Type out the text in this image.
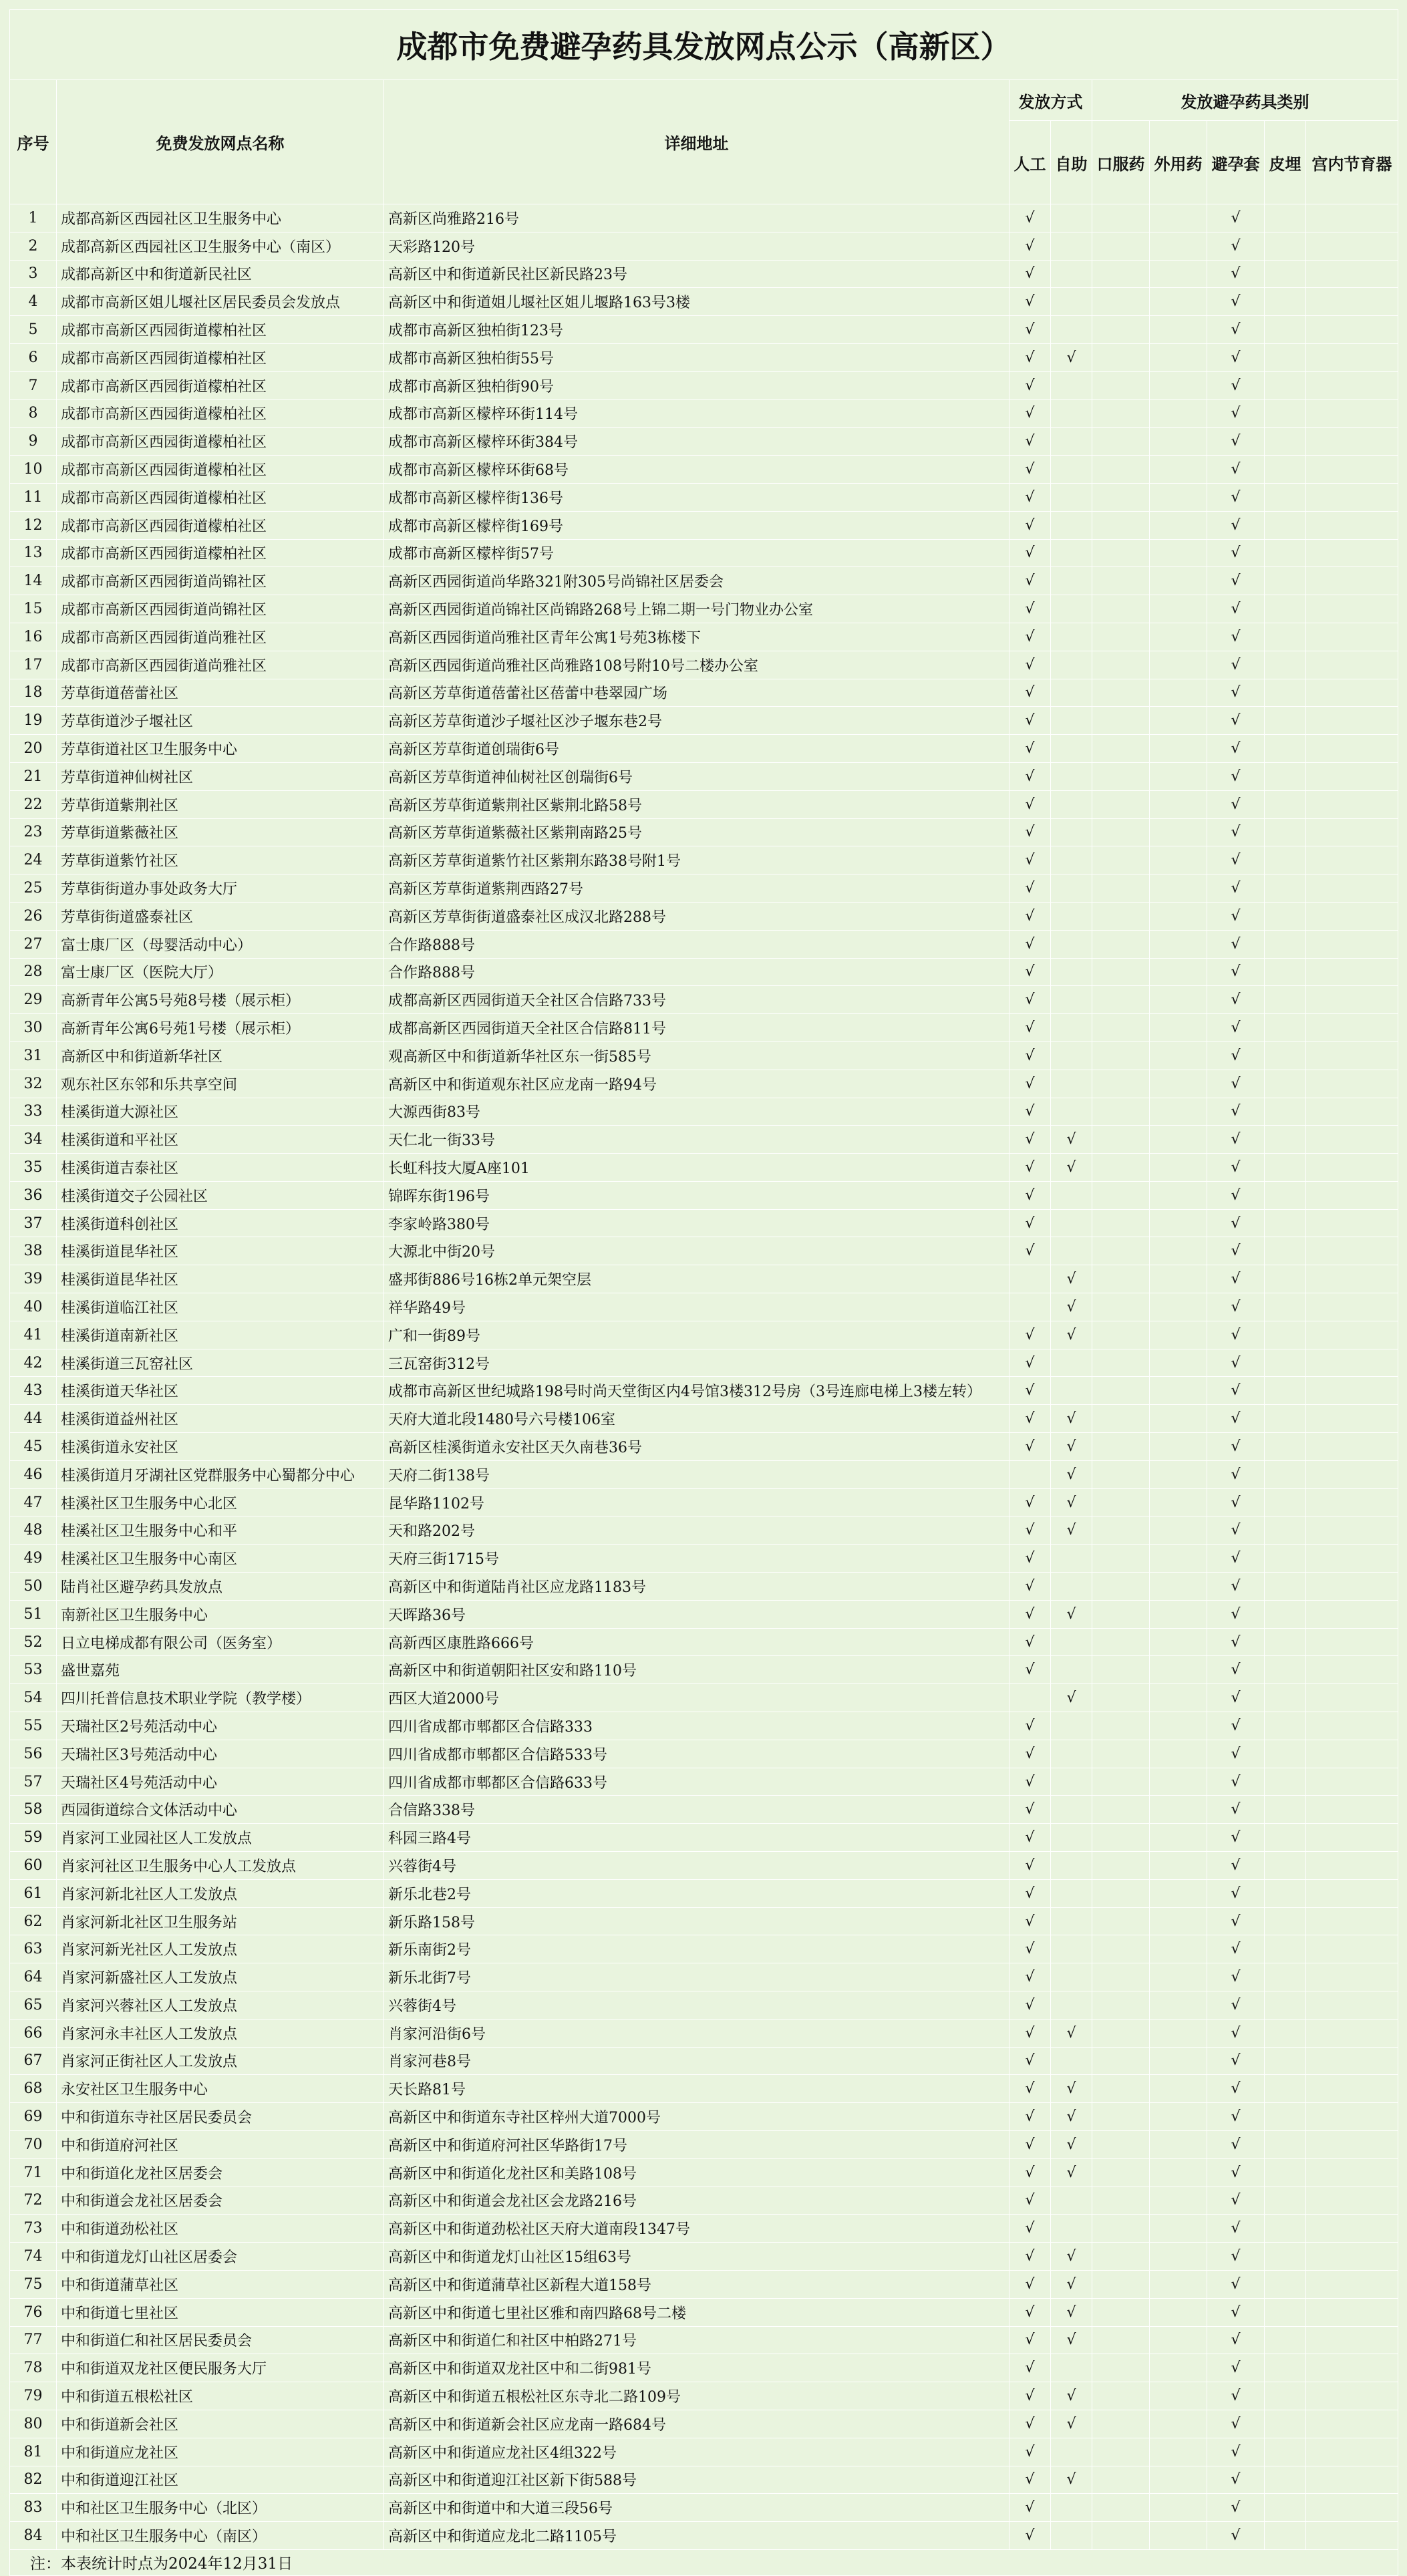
成都市免费避孕药具发放网点公示（高新区）									
序号	免费发放网点名称	详细地址	发放方式		发放避孕药具类别				
			人工	自助	口服药	外用药	避孕套	皮埋	宫内节育器
1	成都高新区西园社区卫生服务中心	高新区尚雅路216号	√				√		
2	成都高新区西园社区卫生服务中心（南区）	天彩路120号	√				√		
3	成都高新区中和街道新民社区	高新区中和街道新民社区新民路23号	√				√		
4	成都市高新区姐儿堰社区居民委员会发放点	高新区中和街道姐儿堰社区姐儿堰路163号3楼	√				√		
5	成都市高新区西园街道檬柏社区	成都市高新区独柏街123号	√				√		
6	成都市高新区西园街道檬柏社区	成都市高新区独柏街55号	√	√			√		
7	成都市高新区西园街道檬柏社区	成都市高新区独柏街90号	√				√		
8	成都市高新区西园街道檬柏社区	成都市高新区檬梓环街114号	√				√		
9	成都市高新区西园街道檬柏社区	成都市高新区檬梓环街384号	√				√		
10	成都市高新区西园街道檬柏社区	成都市高新区檬梓环街68号	√				√		
11	成都市高新区西园街道檬柏社区	成都市高新区檬梓街136号	√				√		
12	成都市高新区西园街道檬柏社区	成都市高新区檬梓街169号	√				√		
13	成都市高新区西园街道檬柏社区	成都市高新区檬梓街57号	√				√		
14	成都市高新区西园街道尚锦社区	高新区西园街道尚华路321附305号尚锦社区居委会	√				√		
15	成都市高新区西园街道尚锦社区	高新区西园街道尚锦社区尚锦路268号上锦二期一号门物业办公室	√				√		
16	成都市高新区西园街道尚雅社区	高新区西园街道尚雅社区青年公寓1号苑3栋楼下	√				√		
17	成都市高新区西园街道尚雅社区	高新区西园街道尚雅社区尚雅路108号附10号二楼办公室	√				√		
18	芳草街道蓓蕾社区	高新区芳草街道蓓蕾社区蓓蕾中巷翠园广场	√				√		
19	芳草街道沙子堰社区	高新区芳草街道沙子堰社区沙子堰东巷2号	√				√		
20	芳草街道社区卫生服务中心	高新区芳草街道创瑞街6号	√				√		
21	芳草街道神仙树社区	高新区芳草街道神仙树社区创瑞街6号	√				√		
22	芳草街道紫荆社区	高新区芳草街道紫荆社区紫荆北路58号	√				√		
23	芳草街道紫薇社区	高新区芳草街道紫薇社区紫荆南路25号	√				√		
24	芳草街道紫竹社区	高新区芳草街道紫竹社区紫荆东路38号附1号	√				√		
25	芳草街街道办事处政务大厅	高新区芳草街道紫荆西路27号	√				√		
26	芳草街街道盛泰社区	高新区芳草街街道盛泰社区成汉北路288号	√				√		
27	富士康厂区（母婴活动中心）	合作路888号	√				√		
28	富士康厂区（医院大厅）	合作路888号	√				√		
29	高新青年公寓5号苑8号楼（展示柜）	成都高新区西园街道天全社区合信路733号	√				√		
30	高新青年公寓6号苑1号楼（展示柜）	成都高新区西园街道天全社区合信路811号	√				√		
31	高新区中和街道新华社区	观高新区中和街道新华社区东一街585号	√				√		
32	观东社区东邻和乐共享空间	高新区中和街道观东社区应龙南一路94号	√				√		
33	桂溪街道大源社区	大源西街83号	√				√		
34	桂溪街道和平社区	天仁北一街33号	√	√			√		
35	桂溪街道吉泰社区	长虹科技大厦A座101	√	√			√		
36	桂溪街道交子公园社区	锦晖东街196号	√				√		
37	桂溪街道科创社区	李家岭路380号	√				√		
38	桂溪街道昆华社区	大源北中街20号	√				√		
39	桂溪街道昆华社区	盛邦街886号16栋2单元架空层		√			√		
40	桂溪街道临江社区	祥华路49号		√			√		
41	桂溪街道南新社区	广和一街89号	√	√			√		
42	桂溪街道三瓦窑社区	三瓦窑街312号	√				√		
43	桂溪街道天华社区	成都市高新区世纪城路198号时尚天堂街区内4号馆3楼312号房（3号连廊电梯上3楼左转）	√				√		
44	桂溪街道益州社区	天府大道北段1480号六号楼106室	√	√			√		
45	桂溪街道永安社区	高新区桂溪街道永安社区天久南巷36号	√	√			√		
46	桂溪街道月牙湖社区党群服务中心蜀都分中心	天府二街138号		√			√		
47	桂溪社区卫生服务中心北区	昆华路1102号	√	√			√		
48	桂溪社区卫生服务中心和平	天和路202号	√	√			√		
49	桂溪社区卫生服务中心南区	天府三街1715号	√				√		
50	陆肖社区避孕药具发放点	高新区中和街道陆肖社区应龙路1183号	√				√		
51	南新社区卫生服务中心	天晖路36号	√	√			√		
52	日立电梯成都有限公司（医务室）	高新西区康胜路666号	√				√		
53	盛世嘉苑	高新区中和街道朝阳社区安和路110号	√				√		
54	四川托普信息技术职业学院（教学楼）	西区大道2000号		√			√		
55	天瑞社区2号苑活动中心	四川省成都市郫都区合信路333	√				√		
56	天瑞社区3号苑活动中心	四川省成都市郫都区合信路533号	√				√		
57	天瑞社区4号苑活动中心	四川省成都市郫都区合信路633号	√				√		
58	西园街道综合文体活动中心	合信路338号	√				√		
59	肖家河工业园社区人工发放点	科园三路4号	√				√		
60	肖家河社区卫生服务中心人工发放点	兴蓉街4号	√				√		
61	肖家河新北社区人工发放点	新乐北巷2号	√				√		
62	肖家河新北社区卫生服务站	新乐路158号	√				√		
63	肖家河新光社区人工发放点	新乐南街2号	√				√		
64	肖家河新盛社区人工发放点	新乐北街7号	√				√		
65	肖家河兴蓉社区人工发放点	兴蓉街4号	√				√		
66	肖家河永丰社区人工发放点	肖家河沿街6号	√	√			√		
67	肖家河正街社区人工发放点	肖家河巷8号	√				√		
68	永安社区卫生服务中心	天长路81号	√	√			√		
69	中和街道东寺社区居民委员会	高新区中和街道东寺社区梓州大道7000号	√	√			√		
70	中和街道府河社区	高新区中和街道府河社区华路街17号	√	√			√		
71	中和街道化龙社区居委会	高新区中和街道化龙社区和美路108号	√	√			√		
72	中和街道会龙社区居委会	高新区中和街道会龙社区会龙路216号	√				√		
73	中和街道劲松社区	高新区中和街道劲松社区天府大道南段1347号	√				√		
74	中和街道龙灯山社区居委会	高新区中和街道龙灯山社区15组63号	√	√			√		
75	中和街道蒲草社区	高新区中和街道蒲草社区新程大道158号	√	√			√		
76	中和街道七里社区	高新区中和街道七里社区雅和南四路68号二楼	√	√			√		
77	中和街道仁和社区居民委员会	高新区中和街道仁和社区中柏路271号	√	√			√		
78	中和街道双龙社区便民服务大厅	高新区中和街道双龙社区中和二街981号	√				√		
79	中和街道五根松社区	高新区中和街道五根松社区东寺北二路109号	√	√			√		
80	中和街道新会社区	高新区中和街道新会社区应龙南一路684号	√	√			√		
81	中和街道应龙社区	高新区中和街道应龙社区4组322号	√				√		
82	中和街道迎江社区	高新区中和街道迎江社区新下街588号	√	√			√		
83	中和社区卫生服务中心（北区）	高新区中和街道中和大道三段56号	√				√		
84	中和社区卫生服务中心（南区）	高新区中和街道应龙北二路1105号	√				√		
注：本表统计时点为2024年12月31日									
